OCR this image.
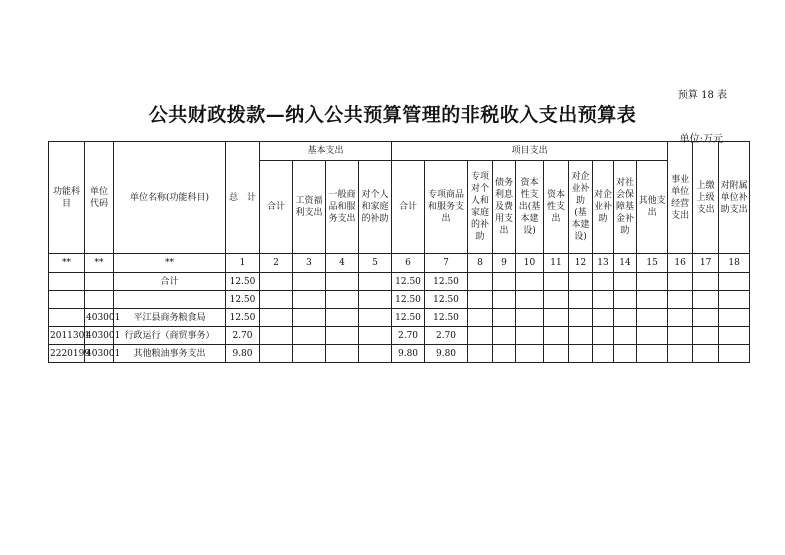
预算 18 表
公共财政拨款—纳入公共预算管理的非税收入支出预算表
单位:万元
功能科目	单位代码	单位名称(功能科目)	总　计	基本支出				项目支出										事业单位经营支出	上缴上级支出	对附属单位补助支出
				合计	工资福利支出	一般商品和服务支出	对个人和家庭的补助	合计	专项商品和服务支出	专项对个人和家庭的补助	债务利息及费用支出	资本性支出(基本建设)	资本性支出	对企业补助(基本建设)	对企业补助	对社会保障基金补助	其他支出			
**	**	**	1	2	3	4	5	6	7	8	9	10	11	12	13	14	15	16	17	18
		合计	12.50					12.50	12.50											
			12.50					12.50	12.50											
	403001	平江县商务粮食局	12.50					12.50	12.50											
2011301	403001	行政运行（商贸事务）	2.70					2.70	2.70											
2220199	403001	其他粮油事务支出	9.80					9.80	9.80											
